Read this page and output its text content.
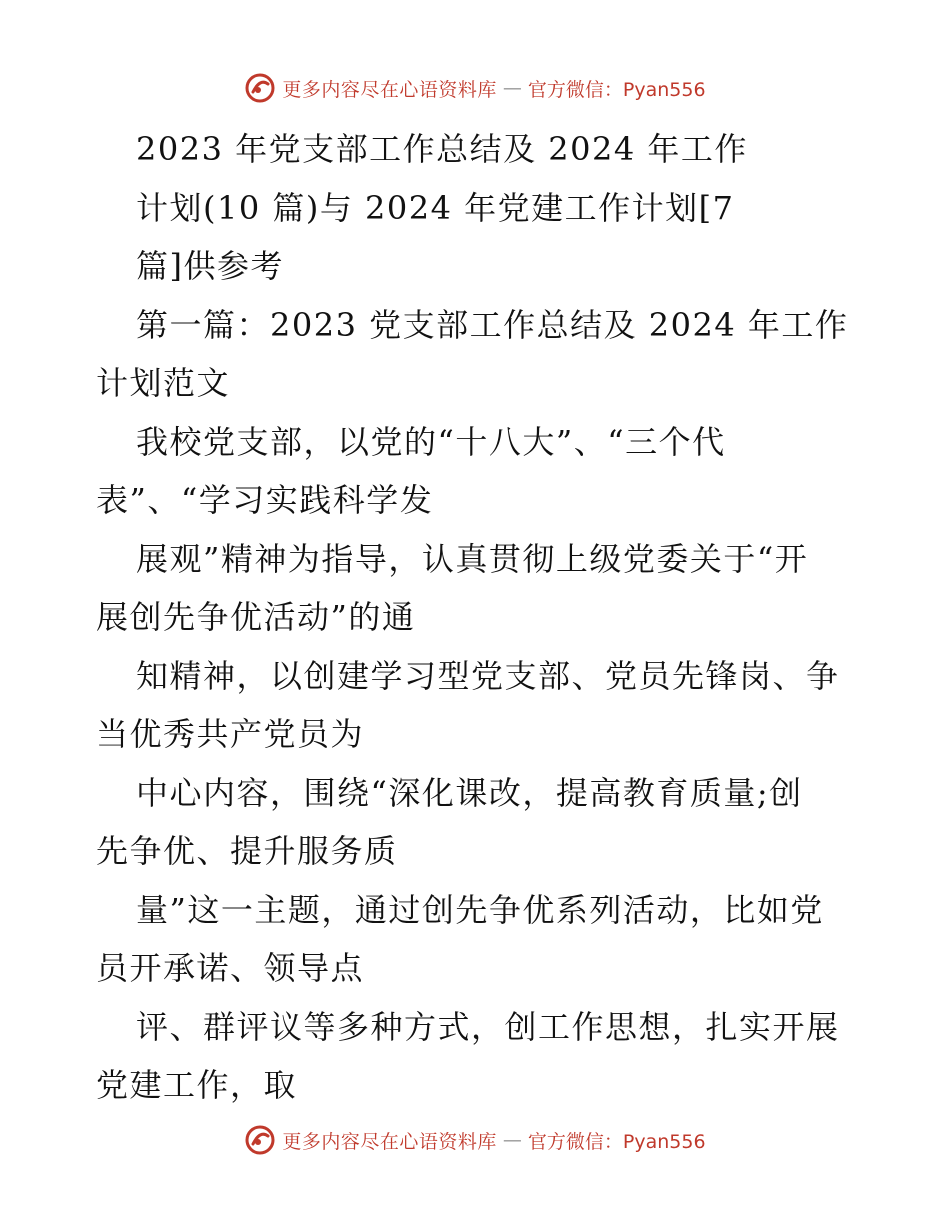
更多内容尽在心语资料库 — 官方微信：Pyan556
2023 年党支部工作总结及 2024 年工作
计划(10 篇)与 2024 年党建工作计划[7
篇]供参考
第一篇：2023 党支部工作总结及 2024 年工作
计划范文
我校党支部，以党的“十八大”、“三个代
表”、“学习实践科学发
展观”精神为指导，认真贯彻上级党委关于“开
展创先争优活动”的通
知精神，以创建学习型党支部、党员先锋岗、争
当优秀共产党员为
中心内容，围绕“深化课改，提高教育质量;创
先争优、提升服务质
量”这一主题，通过创先争优系列活动，比如党
员开承诺、领导点
评、群评议等多种方式，创工作思想，扎实开展
党建工作，取
更多内容尽在心语资料库 — 官方微信：Pyan556
